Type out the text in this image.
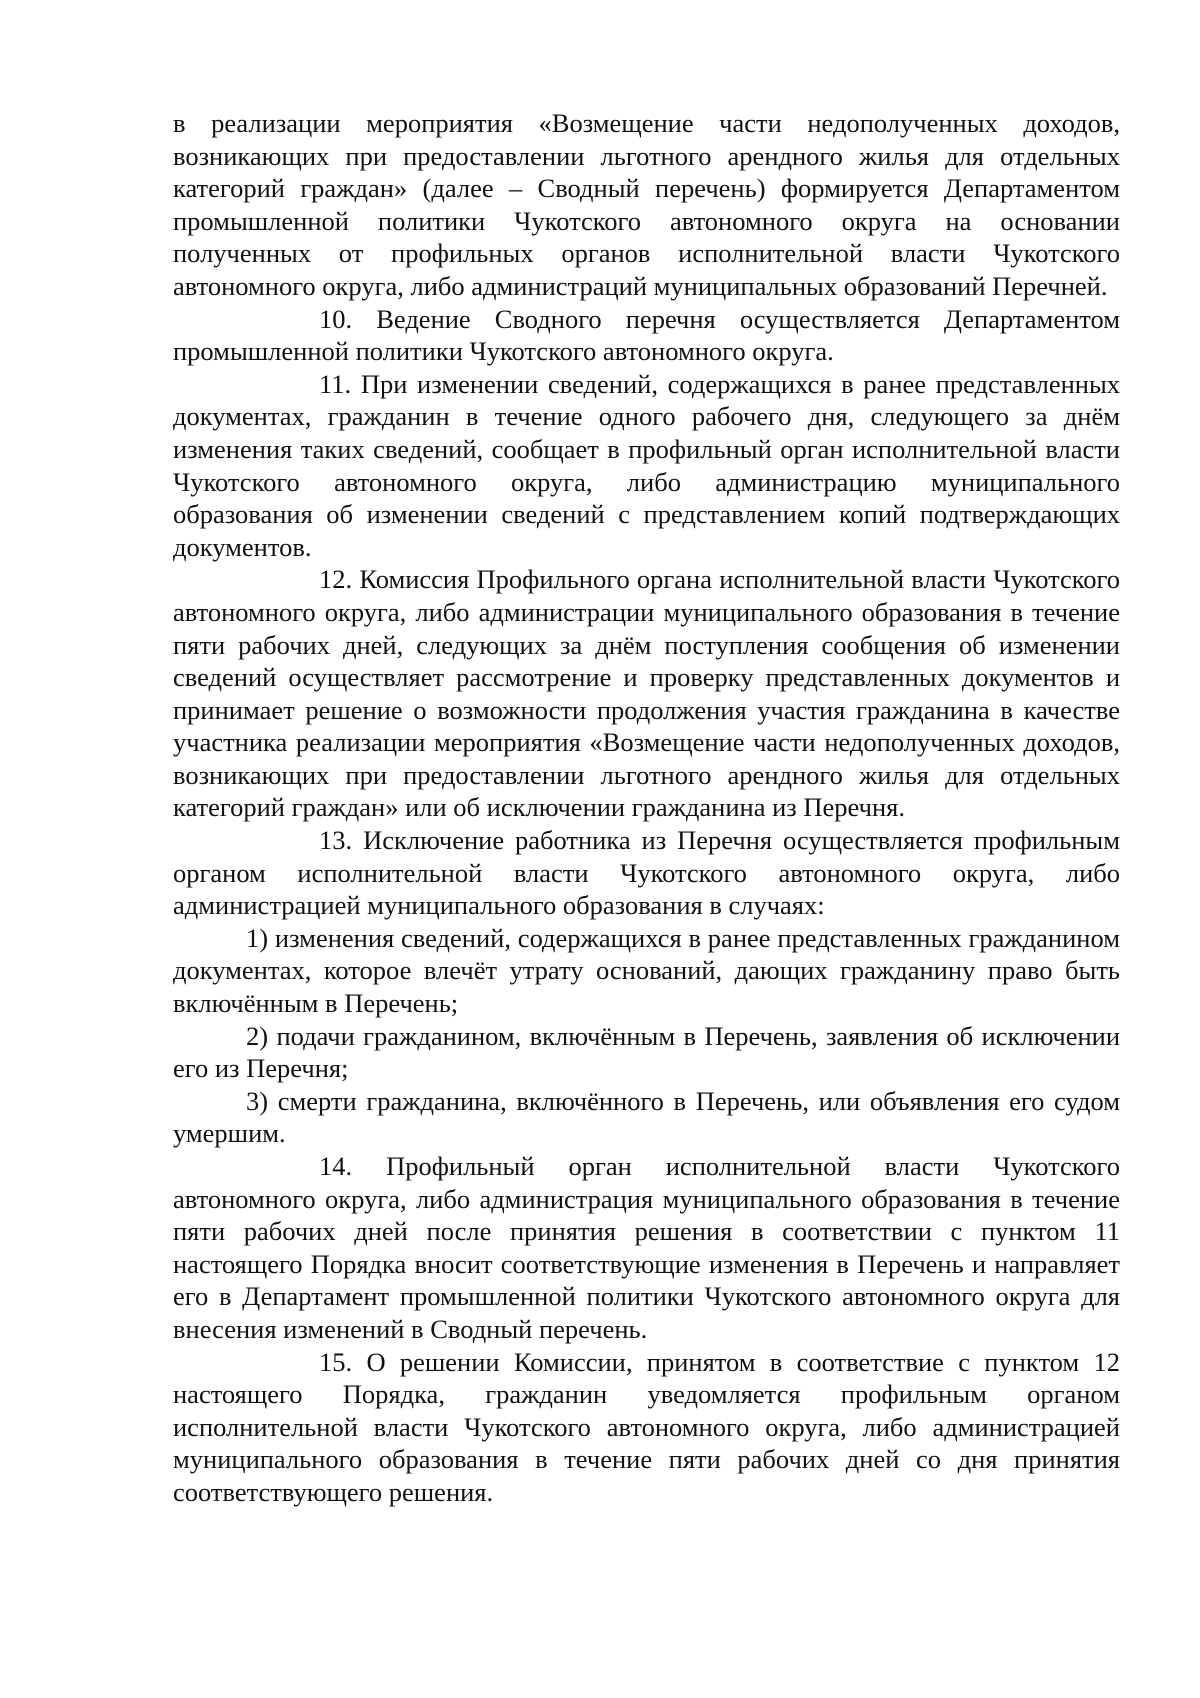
в реализации мероприятия «Возмещение части недополученных доходов, возникающих при предоставлении льготного арендного жилья для отдельных категорий граждан» (далее – Сводный перечень) формируется Департаментом промышленной политики Чукотского автономного округа на основании полученных от профильных органов исполнительной власти Чукотского автономного округа, либо администраций муниципальных образований Перечней.

10. Ведение Сводного перечня осуществляется Департаментом промышленной политики Чукотского автономного округа.

11. При изменении сведений, содержащихся в ранее представленных документах, гражданин в течение одного рабочего дня, следующего за днём изменения таких сведений, сообщает в профильный орган исполнительной власти Чукотского автономного округа, либо администрацию муниципального образования об изменении сведений с представлением копий подтверждающих документов.

12. Комиссия Профильного органа исполнительной власти Чукотского автономного округа, либо администрации муниципального образования в течение пяти рабочих дней, следующих за днём поступления сообщения об изменении сведений осуществляет рассмотрение и проверку представленных документов и принимает решение о возможности продолжения участия гражданина в качестве участника реализации мероприятия «Возмещение части недополученных доходов, возникающих при предоставлении льготного арендного жилья для отдельных категорий граждан» или об исключении гражданина из Перечня.

13. Исключение работника из Перечня осуществляется профильным органом исполнительной власти Чукотского автономного округа, либо администрацией муниципального образования в случаях:

1) изменения сведений, содержащихся в ранее представленных гражданином документах, которое влечёт утрату оснований, дающих гражданину право быть включённым в Перечень;

2) подачи гражданином, включённым в Перечень, заявления об исключении его из Перечня;

3) смерти гражданина, включённого в Перечень, или объявления его судом умершим.

14. Профильный орган исполнительной власти Чукотского автономного округа, либо администрация муниципального образования в течение пяти рабочих дней после принятия решения в соответствии с пунктом 11 настоящего Порядка вносит соответствующие изменения в Перечень и направляет его в Департамент промышленной политики Чукотского автономного округа для внесения изменений в Сводный перечень.

15. О решении Комиссии, принятом в соответствие с пунктом 12 настоящего Порядка, гражданин уведомляется профильным органом исполнительной власти Чукотского автономного округа, либо администрацией муниципального образования в течение пяти рабочих дней со дня принятия соответствующего решения.
